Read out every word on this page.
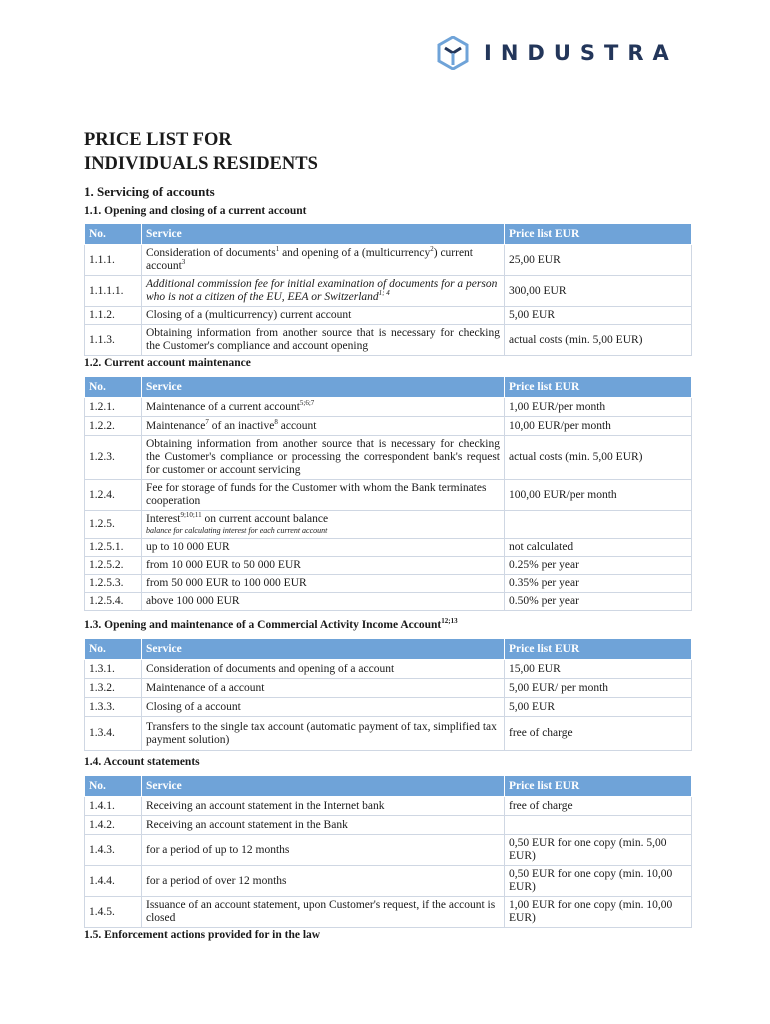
INDUSTRA
PRICE LIST FOR
INDIVIDUALS RESIDENTS
1. Servicing of accounts
1.1. Opening and closing of a current account
No.	Service	Price list EUR
1.1.1.	Consideration of documents$^1$ and opening of a (multicurrency$^2$) current account$^3$	25,00 EUR
1.1.1.1.	Additional commission fee for initial examination of documents for a person who is not a citizen of the EU, EEA or Switzerland$^{1; 4}$	300,00 EUR
1.1.2.	Closing of a (multicurrency) current account	5,00 EUR
1.1.3.	Obtaining information from another source that is necessary for checking the Customer's compliance and account opening	actual costs (min. 5,00 EUR)
1.2. Current account maintenance
No.	Service	Price list EUR
1.2.1.	Maintenance of a current account$^{5;6;7}$	1,00 EUR/per month
1.2.2.	Maintenance$^7$ of an inactive$^8$ account	10,00 EUR/per month
1.2.3.	Obtaining information from another source that is necessary for checking the Customer's compliance or processing the correspondent bank's request for customer or account servicing	actual costs (min. 5,00 EUR)
1.2.4.	Fee for storage of funds for the Customer with whom the Bank terminates cooperation	100,00 EUR/per month
1.2.5.	Interest$^{9;10;11}$ on current account balance
balance for calculating interest for each current account	

1.2.5.1.	up to 10 000 EUR	not calculated
1.2.5.2.	from 10 000 EUR to 50 000 EUR	0.25% per year
1.2.5.3.	from 50 000 EUR to 100 000 EUR	0.35% per year
1.2.5.4.	above 100 000 EUR	0.50% per year
1.3. Opening and maintenance of a Commercial Activity Income Account$^{12;13}$
No.	Service	Price list EUR
1.3.1.	Consideration of documents and opening of a account	15,00 EUR
1.3.2.	Maintenance of a account	5,00 EUR/ per month
1.3.3.	Closing of a account	5,00 EUR
1.3.4.	Transfers to the single tax account (automatic payment of tax, simplified tax payment solution)	free of charge
1.4. Account statements
No.	Service	Price list EUR
1.4.1.	Receiving an account statement in the Internet bank	free of charge
1.4.2.	Receiving an account statement in the Bank	
1.4.3.	for a period of up to 12 months	0,50 EUR for one copy (min. 5,00 EUR)
1.4.4.	for a period of over 12 months	0,50 EUR for one copy (min. 10,00 EUR)
1.4.5.	Issuance of an account statement, upon Customer's request, if the account is closed	1,00 EUR for one copy (min. 10,00 EUR)
1.5. Enforcement actions provided for in the law
